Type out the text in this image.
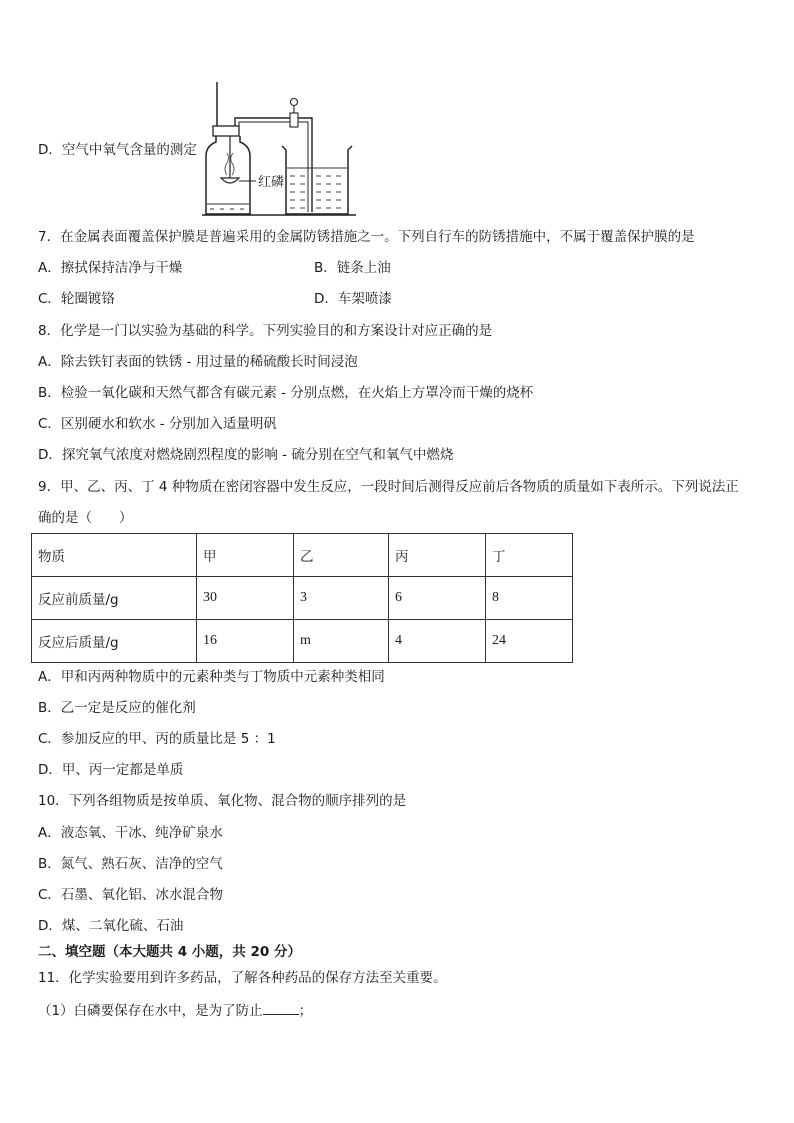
D．空气中氧气含量的测定
红磷
7．在金属表面覆盖保护膜是普遍采用的金属防锈措施之一。下列自行车的防锈措施中，不属于覆盖保护膜的是
A．擦拭保持洁净与干燥	B．链条上油
C．轮圈镀铬	D．车架喷漆
8．化学是一门以实验为基础的科学。下列实验目的和方案设计对应正确的是
A．除去铁钉表面的铁锈 - 用过量的稀硫酸长时间浸泡
B．检验一氧化碳和天然气都含有碳元素 - 分别点燃，在火焰上方罩冷而干燥的烧杯
C．区别硬水和软水 - 分别加入适量明矾
D．探究氧气浓度对燃烧剧烈程度的影响 - 硫分别在空气和氧气中燃烧
9．甲、乙、丙、丁 4 种物质在密闭容器中发生反应，一段时间后测得反应前后各物质的质量如下表所示。下列说法正
确的是（　　）
物质	甲	乙	丙	丁
反应前质量/g	30	3	6	8
反应后质量/g	16	m	4	24
A．甲和丙两种物质中的元素种类与丁物质中元素种类相同
B．乙一定是反应的催化剂
C．参加反应的甲、丙的质量比是 5 ：1
D．甲、丙一定都是单质
10．下列各组物质是按单质、氧化物、混合物的顺序排列的是
A．液态氧、干冰、纯净矿泉水
B．氮气、熟石灰、洁净的空气
C．石墨、氧化铝、冰水混合物
D．煤、二氧化硫、石油
二、填空题（本大题共 4 小题，共 20 分）
11．化学实验要用到许多药品，了解各种药品的保存方法至关重要。
（1）白磷要保存在水中，是为了防止	；
